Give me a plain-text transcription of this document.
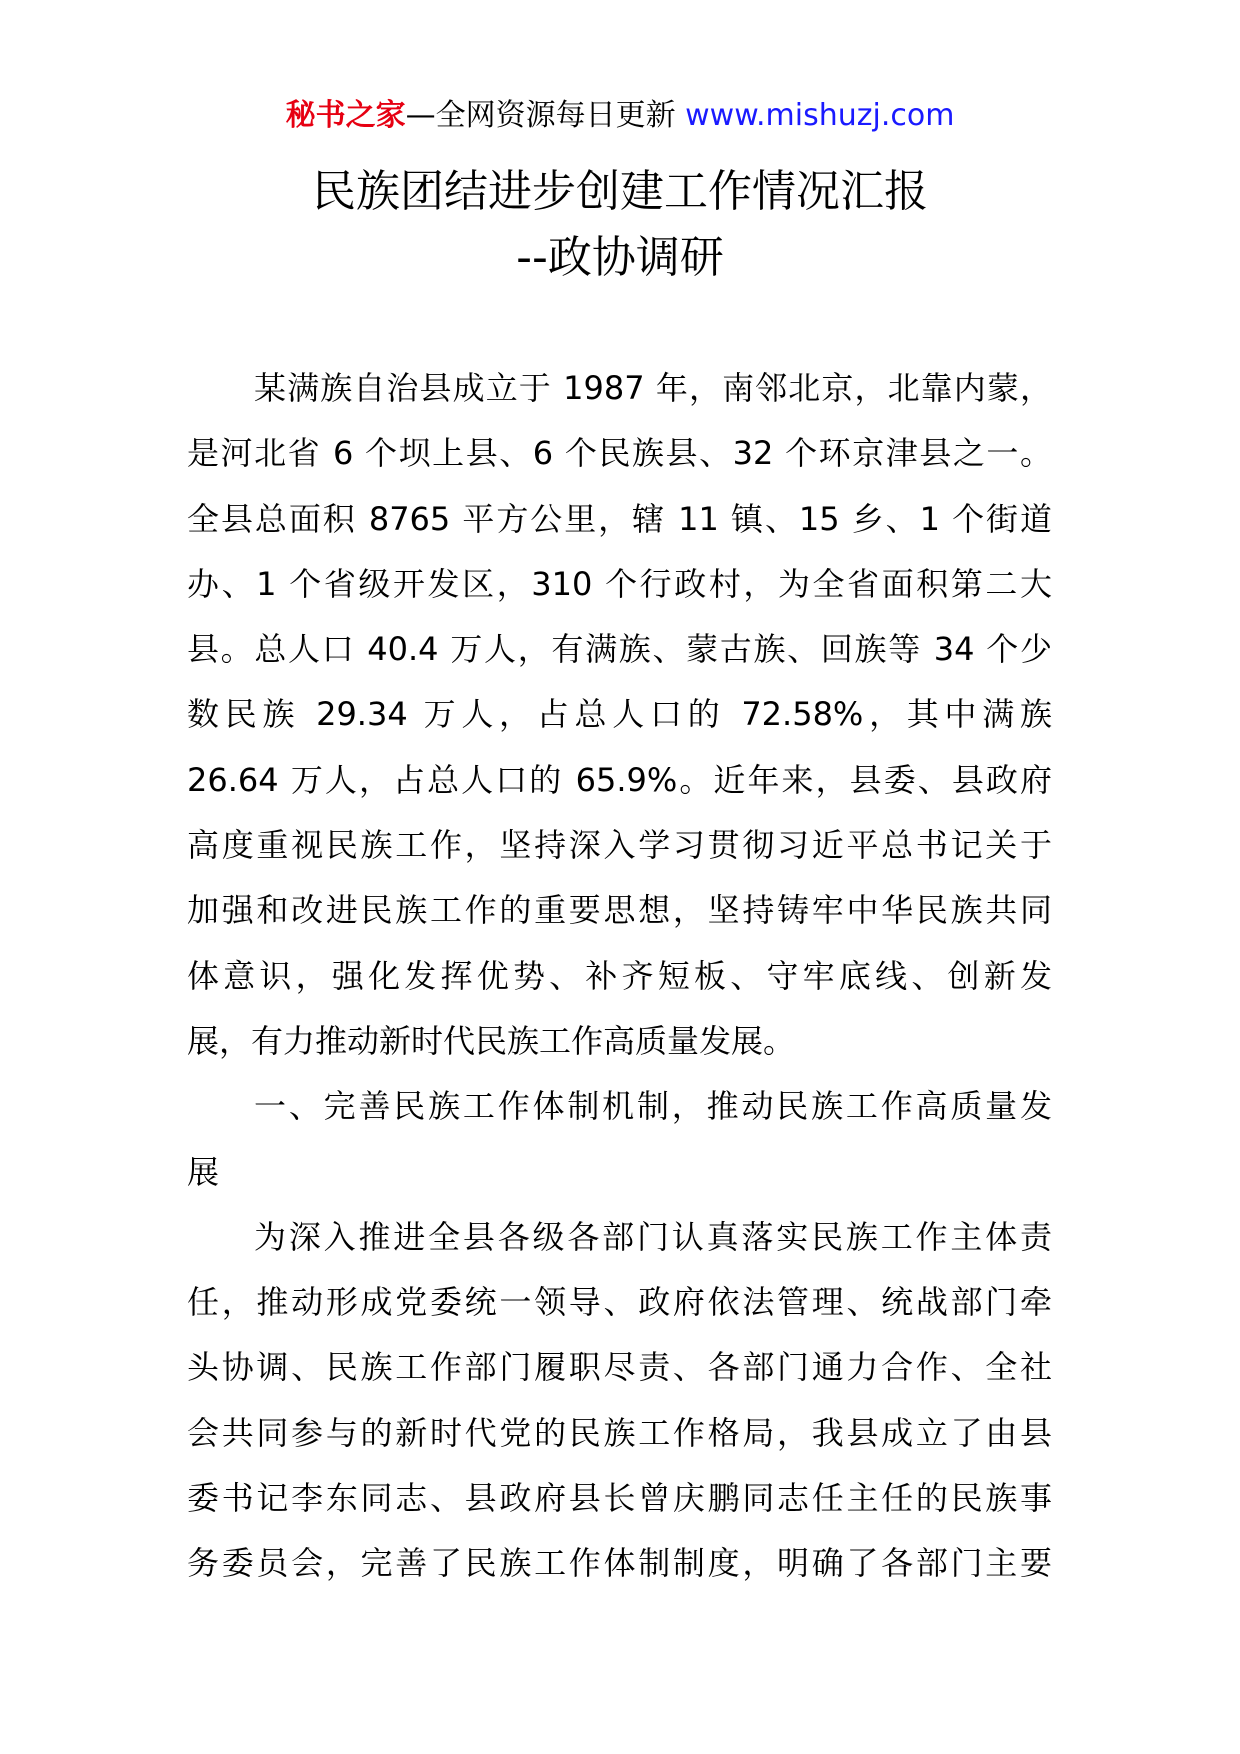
秘书之家—全网资源每日更新 www.mishuzj.com
民族团结进步创建工作情况汇报
--政协调研
某满族自治县成立于 1987 年，南邻北京，北靠内蒙，
是河北省 6 个坝上县、6 个民族县、32 个环京津县之一。
全县总面积 8765 平方公里，辖 11 镇、15 乡、1 个街道
办、1 个省级开发区，310 个行政村，为全省面积第二大
县。总人口 40.4 万人，有满族、蒙古族、回族等 34 个少
数民族 29.34 万人，占总人口的 72.58%，其中满族
26.64 万人，占总人口的 65.9%。近年来，县委、县政府
高度重视民族工作，坚持深入学习贯彻习近平总书记关于
加强和改进民族工作的重要思想，坚持铸牢中华民族共同
体意识，强化发挥优势、补齐短板、守牢底线、创新发
展，有力推动新时代民族工作高质量发展。
一、完善民族工作体制机制，推动民族工作高质量发
展
为深入推进全县各级各部门认真落实民族工作主体责
任，推动形成党委统一领导、政府依法管理、统战部门牵
头协调、民族工作部门履职尽责、各部门通力合作、全社
会共同参与的新时代党的民族工作格局，我县成立了由县
委书记李东同志、县政府县长曾庆鹏同志任主任的民族事
务委员会，完善了民族工作体制制度，明确了各部门主要
